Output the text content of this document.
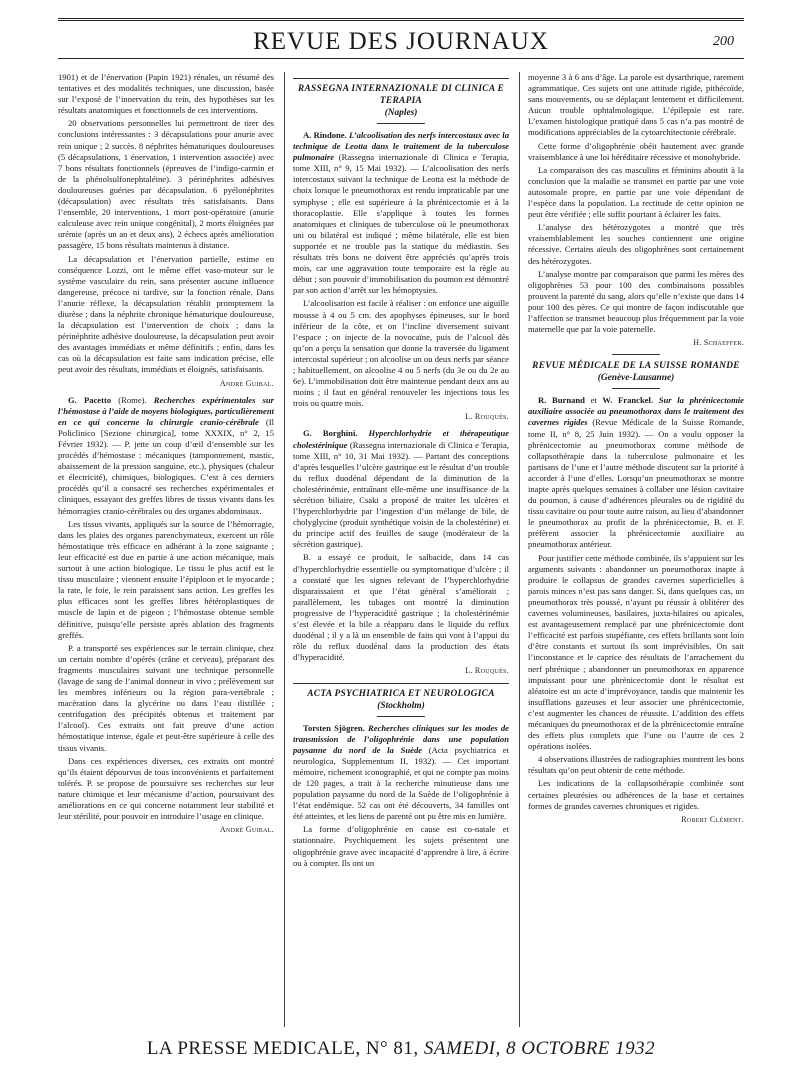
REVUE DES JOURNAUX	200

1901) et de l’énervation (Papin 1921) rénales, un résumé des tentatives et des modalités techniques, une discussion, basée sur l’exposé de l’innervation du rein, des hypothèses sur les résultats anatomiques et fonctionnels de ces interventions.

20 observations personnelles lui permettront de tirer des conclusions intéressantes : 3 décapsulations pour anurie avec rein unique ; 2 succès. 8 néphrites hématuriques douloureuses (5 décapsulations, 1 énervation, 1 intervention associée) avec 7 bons résultats fonctionnels (épreuves de l’indigo-carmin et de la phénolsulfonephtaléine). 3 périnéphrites adhésives douloureuses guéries par décapsulation. 6 pyélonéphrites (décapsulation) avec résultats très satisfaisants. Dans l’ensemble, 20 interventions, 1 mort post-opératoire (anurie calculeuse avec rein unique congénital), 2 morts éloignées par urémie (après un an et deux ans), 2 échecs après amélioration passagère, 15 bons résultats maintenus à distance.

La décapsulation et l’énervation partielle, estime en conséquence Lozzi, ont le même effet vaso-moteur sur le système vasculaire du rein, sans présenter aucune influence dangereuse, précoce ni tardive, sur la fonction rénale. Dans l’anurie réflexe, la décapsulation rétablit promptement la diurèse ; dans la néphrite chronique hématurique douloureuse, la décapsulation est l’intervention de choix ; dans la périnéphrite adhésive douloureuse, la décapsulation peut avoir des avantages immédiats et même définitifs ; enfin, dans les cas où la décapsulation est faite sans indication précise, elle peut avoir des résultats, immédiats et éloignés, satisfaisants.

André Guibal.

G. Pacetto (Rome). Recherches expérimentales sur l’hémostase à l’aide de moyens biologiques, particulièrement en ce qui concerne la chirurgie cranio-cérébrale (Il Policlinico [Sezione chirurgica], tome XXXIX, n° 2, 15 Février 1932). — P. jette un coup d’œil d’ensemble sur les procédés d’hémostase : mécaniques (tamponnement, mastic, abaissement de la pression sanguine, etc.), physiques (chaleur et électricité), chimiques, biologiques. C’est à ces derniers procédés qu’il a consacré ses recherches expérimentales et cliniques, essayant des greffes libres de tissus vivants dans les hémorragies cranio-cérébrales ou des organes abdominaux.

Les tissus vivants, appliqués sur la source de l’hémorragie, dans les plaies des organes parenchymateux, exercent un rôle hémostatique très efficace en adhérant à la zone saignante ; leur efficacité est due en partie à une action mécanique, mais surtout à une action biologique. Le tissu le plus actif est le tissu musculaire ; viennent ensuite l’épiploon et le myocarde ; la rate, le foie, le rein paraissent sans action. Les greffes les plus efficaces sont les greffes libres hétéroplastiques de muscle de lapin et de pigeon ; l’hémostase obtenue semble définitive, puisqu’elle persiste après ablation des fragments greffés.

P. a transporté ses expériences sur le terrain clinique, chez un certain nombre d’opérés (crâne et cerveau), préparant des fragments musculaires suivant une technique personnelle (lavage de sang de l’animal donneur in vivo ; prélèvement sur les membres inférieurs ou la région para-vertébrale ; macération dans la glycérine ou dans l’eau distillée ; centrifugation des précipités obtenus et traitement par l’alcool). Ces extraits ont fait preuve d’une action hémostatique intense, égale et peut-être supérieure à celle des tissus vivants.

Dans ces expériences diverses, ces extraits ont montré qu’ils étaient dépourvus de tous inconvénients et parfaitement tolérés. P. se propose de poursuivre ses recherches sur leur nature chimique et leur mécanisme d’action, poursuivant des améliorations en ce qui concerne notamment leur stabilité et leur stérilité, pour pouvoir en introduire l’usage en clinique.

André Guibal.
RASSEGNA INTERNAZIONALE DI CLINICA E TERAPIA
(Naples)

A. Rindone. L’alcoolisation des nerfs intercostaux avec la technique de Leotta dans le traitement de la tuberculose pulmonaire (Rassegna internazionale di Clinica e Terapia, tome XIII, n° 9, 15 Mai 1932). — L’alcoolisation des nerfs intercostaux suivant la technique de Leotta est la méthode de choix lorsque le pneumothorax est rendu impraticable par une symphyse ; elle est supérieure à la phrénicectomie et à la thoracoplastie. Elle s’applique à toutes les formes anatomiques et cliniques de tuberculose où le pneumothorax uni ou bilatéral est indiqué ; même bilatérale, elle est bien supportée et ne trouble pas la statique du médiastin. Ses résultats très bons ne doivent être appréciés qu’après trois mois, car une aggravation toute temporaire est la règle au début ; son pouvoir d’immobilisation du poumon est démontré par son action d’arrêt sur les hémoptysies.

L’alcoolisation est facile à réaliser : on enfonce une aiguille mousse à 4 ou 5 cm. des apophyses épineuses, sur le bord inférieur de la côte, et on l’incline diversement suivant l’espace ; on injecte de la novocaïne, puis de l’alcool dès qu’on a perçu la sensation que donne la traversée du ligament intercostal supérieur ; on alcoolise un ou deux nerfs par séance ; habituellement, on alcoolise 4 ou 5 nerfs (du 3e ou du 2e au 6e). L’immobilisation doit être maintenue pendant deux ans au moins ; il faut en général renouveler les injections tous les trois ou quatre mois.

L. Rouquès.

G. Borghini. Hyperchlorhydrie et thérapeutique cholestérinique (Rassegna internazionale di Clinica e Terapia, tome XIII, n° 10, 31 Mai 1932). — Partant des conceptions d’après lesquelles l’ulcère gastrique est le résultat d’un trouble du reflux duodénal dépendant de la diminution de la cholestérinémie, entraînant elle-même une insuffisance de la sécrétion biliaire, Csaki a proposé de traiter les ulcères et l’hyperchlorhydrie par l’ingestion d’un mélange de bile, de cholyglycine (produit synthétique voisin de la cholestérine) et du principe actif des feuilles de sauge (modérateur de la sécrétion gastrique).

B. a essayé ce produit, le salbacide, dans 14 cas d’hyperchlorhydrie essentielle ou symptomatique d’ulcère ; il a constaté que les signes relevant de l’hyperchlorhydrie disparaissaient et que l’état général s’améliorait ; parallèlement, les tubages ont montré la diminution progressive de l’hyperacidité gastrique ; la cholestérinémie s’est élevée et la bile a réapparu dans le liquide du reflux duodénal ; il y a là un ensemble de faits qui vont à l’appui du rôle du reflux duodénal dans la production des états d’hyperacidité.

L. Rouquès.
ACTA PSYCHIATRICA ET NEUROLOGICA
(Stockholm)

Torsten Sjögren. Recherches cliniques sur les modes de transmission de l’oligophrénie dans une population paysanne du nord de la Suède (Acta psychiatrica et neurologica, Supplementum II, 1932). — Cet important mémoire, richement iconographié, et qui ne compte pas moins de 120 pages, a trait à la recherche minutieuse dans une population paysanne du nord de la Suède de l’oligophrénie à l’état endémique. 52 cas ont été découverts, 34 familles ont été atteintes, et les liens de parenté ont pu être mis en lumière.

La forme d’oligophrénie en cause est co-natale et stationnaire. Psychiquement les sujets présentent une oligophrénie grave avec incapacité d’apprendre à lire, à écrire ou à compter. Ils ont un

moyenne 3 à 6 ans d’âge. La parole est dysarthrique, rarement agrammatique. Ces sujets ont une attitude rigide, pithécoïde, sans mouvements, ou se déplaçant lentement et difficilement. Aucun trouble ophtalmologique. L’épilepsie est rare. L’examen histologique pratiqué dans 5 cas n’a pas montré de modifications appréciables de la cytoarchitectonie cérébrale.

Cette forme d’oligophrénie obéit hautement avec grande vraisemblance à une loi héréditaire récessive et monohybride.

La comparaison des cas masculins et féminins aboutit à la conclusion que la maladie se transmet en partie par une voie autosomale propre, en partie par une voie dépendant de l’espèce dans la population. La rectitude de cette opinion ne peut être vérifiée ; elle suffit pourtant à éclairer les faits.

L’analyse des hétérozygotes a montré que très vraisemblablement les souches contiennent une origine récessive. Certains aïeuls des oligophrènes sont certainement des hétérozygotes.

L’analyse montre par comparaison que parmi les mères des oligophrènes 53 pour 100 des combinaisons possibles prouvent la parenté du sang, alors qu’elle n’existe que dans 14 pour 100 des pères. Ce qui montre de façon indiscutable que l’affection se transmet beaucoup plus fréquemment par la voie maternelle que par la voie paternelle.

H. Schaeffer.
REVUE MÉDICALE DE LA SUISSE ROMANDE
(Genève-Lausanne)

R. Burnand et W. Franckel. Sur la phrénicectomie auxiliaire associée au pneumothorax dans le traitement des cavernes rigides (Revue Médicale de la Suisse Romande, tome II, n° 8, 25 Juin 1932). — On a voulu opposer la phrénicectomie au pneumothorax comme méthode de collapsothérapie dans la tuberculose pulmonaire et les partisans de l’une et l’autre méthode discutent sur la priorité à accorder à l’une d’elles. Lorsqu’un pneumothorax se montre inapte après quelques semaines à collaber une lésion cavitaire du poumon, à cause d’adhérences pleurales ou de rigidité du tissu cavitaire ou pour toute autre raison, au lieu d’abandonner le pneumothorax au profit de la phrénicectomie, B. et F. préfèrent associer la phrénicectomie auxiliaire au pneumothorax antérieur.

Pour justifier cette méthode combinée, ils s’appuient sur les arguments suivants : abandonner un pneumothorax inapte à produire le collapsus de grandes cavernes superficielles à parois minces n’est pas sans danger. Si, dans quelques cas, un pneumothorax très poussé, n’ayant pu réussir à oblitérer des cavernes volumineuses, basilaires, juxta-hilaires ou apicales, est avantageusement remplacé par une phrénicectomie dont l’efficacité est parfois stupéfiante, ces effets brillants sont loin d’être constants et surtout ils sont imprévisibles. On sait l’inconstance et le caprice des résultats de l’arrachement du nerf phrénique ; abandonner un pneumothorax en apparence impuissant pour une phrénicectomie dont le résultat est aléatoire est un acte d’imprévoyance, tandis que maintenir les insufflations gazeuses et leur associer une phrénicectomie, c’est augmenter les chances de réussite. L’addition des effets mécaniques du pneumothorax et de la phrénicectomie entraîne des effets plus complets que l’une ou l’autre de ces 2 opérations isolées.

4 observations illustrées de radiographies montrent les bons résultats qu’on peut obtenir de cette méthode.

Les indications de la collapsothérapie combinée sont certaines pleurésies ou adhérences de la base et certaines formes de grandes cavernes chroniques et rigides.

Robert Clément.
LA PRESSE MEDICALE, N° 81, SAMEDI, 8 OCTOBRE 1932
